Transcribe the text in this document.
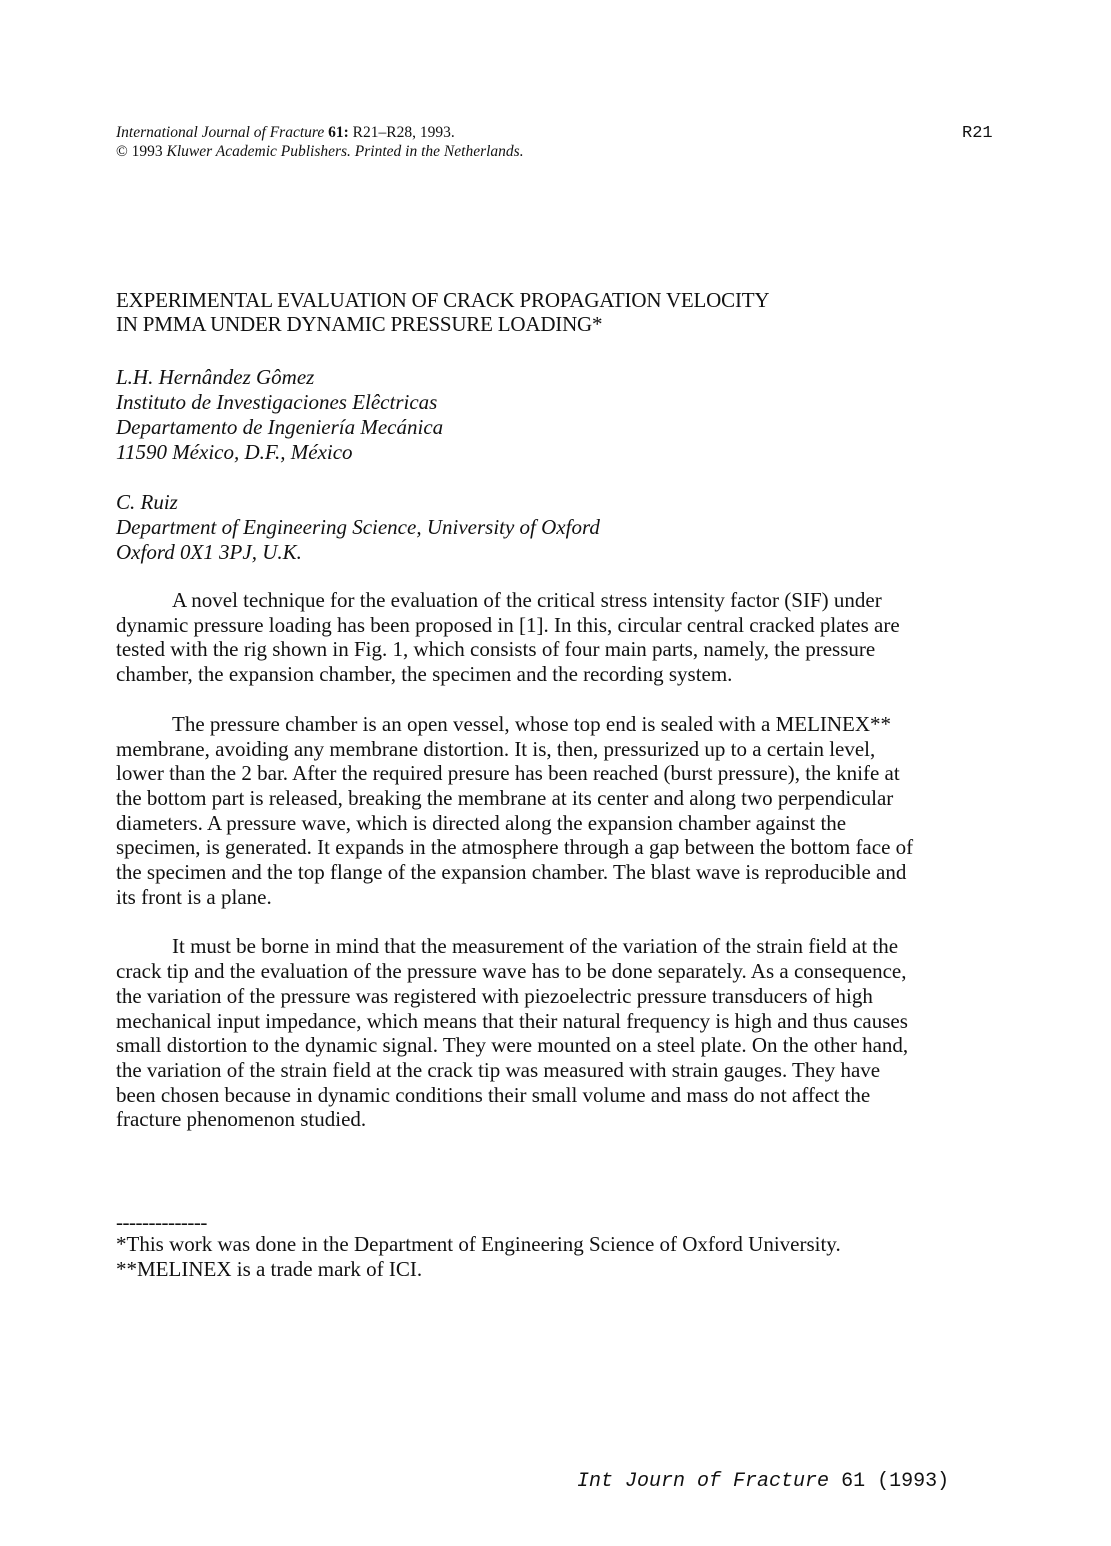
International Journal of Fracture 61: R21–R28, 1993.
© 1993 Kluwer Academic Publishers. Printed in the Netherlands.
R21
EXPERIMENTAL EVALUATION OF CRACK PROPAGATION VELOCITY
IN PMMA UNDER DYNAMIC PRESSURE LOADING*
L.H. Hernândez Gômez
Instituto de Investigaciones Elêctricas
Departamento de Ingeniería Mecánica
11590 México, D.F., México
C. Ruiz
Department of Engineering Science, University of Oxford
Oxford 0X1 3PJ, U.K.

A novel technique for the evaluation of the critical stress intensity factor (SIF) under dynamic pressure loading has been proposed in [1]. In this, circular central cracked plates are tested with the rig shown in Fig. 1, which consists of four main parts, namely, the pressure chamber, the expansion chamber, the specimen and the recording system.

The pressure chamber is an open vessel, whose top end is sealed with a MELINEX** membrane, avoiding any membrane distortion. It is, then, pressurized up to a certain level, lower than the 2 bar. After the required presure has been reached (burst pressure), the knife at the bottom part is released, breaking the membrane at its center and along two perpendicular diameters. A pressure wave, which is directed along the expansion chamber against the specimen, is generated. It expands in the atmosphere through a gap between the bottom face of the specimen and the top flange of the expansion chamber. The blast wave is reproducible and its front is a plane.

It must be borne in mind that the measurement of the variation of the strain field at the crack tip and the evaluation of the pressure wave has to be done separately. As a consequence, the variation of the pressure was registered with piezoelectric pressure transducers of high mechanical input impedance, which means that their natural frequency is high and thus causes small distortion to the dynamic signal. They were mounted on a steel plate. On the other hand, the variation of the strain field at the crack tip was measured with strain gauges. They have been chosen because in dynamic conditions their small volume and mass do not affect the fracture phenomenon studied.

--------------
*This work was done in the Department of Engineering Science of Oxford University.
**MELINEX is a trade mark of ICI.
Int Journ of Fracture 61 (1993)
